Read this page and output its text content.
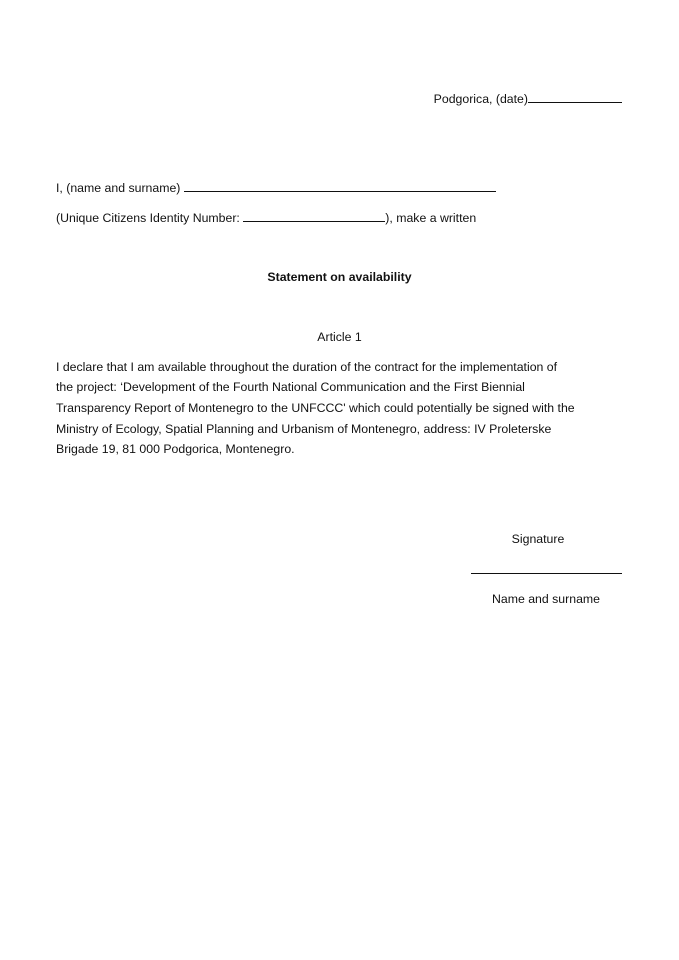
Podgorica, (date)
I, (name and surname)
(Unique Citizens Identity Number:	), make a written
Statement on availability
Article 1
I declare that I am available throughout the duration of the contract for the implementation of
the project: ‘Development of the Fourth National Communication and the First Biennial
Transparency Report of Montenegro to the UNFCCC' which could potentially be signed with the
Ministry of Ecology, Spatial Planning and Urbanism of Montenegro, address: IV Proleterske
Brigade 19, 81 000 Podgorica, Montenegro.
Signature
Name and surname
